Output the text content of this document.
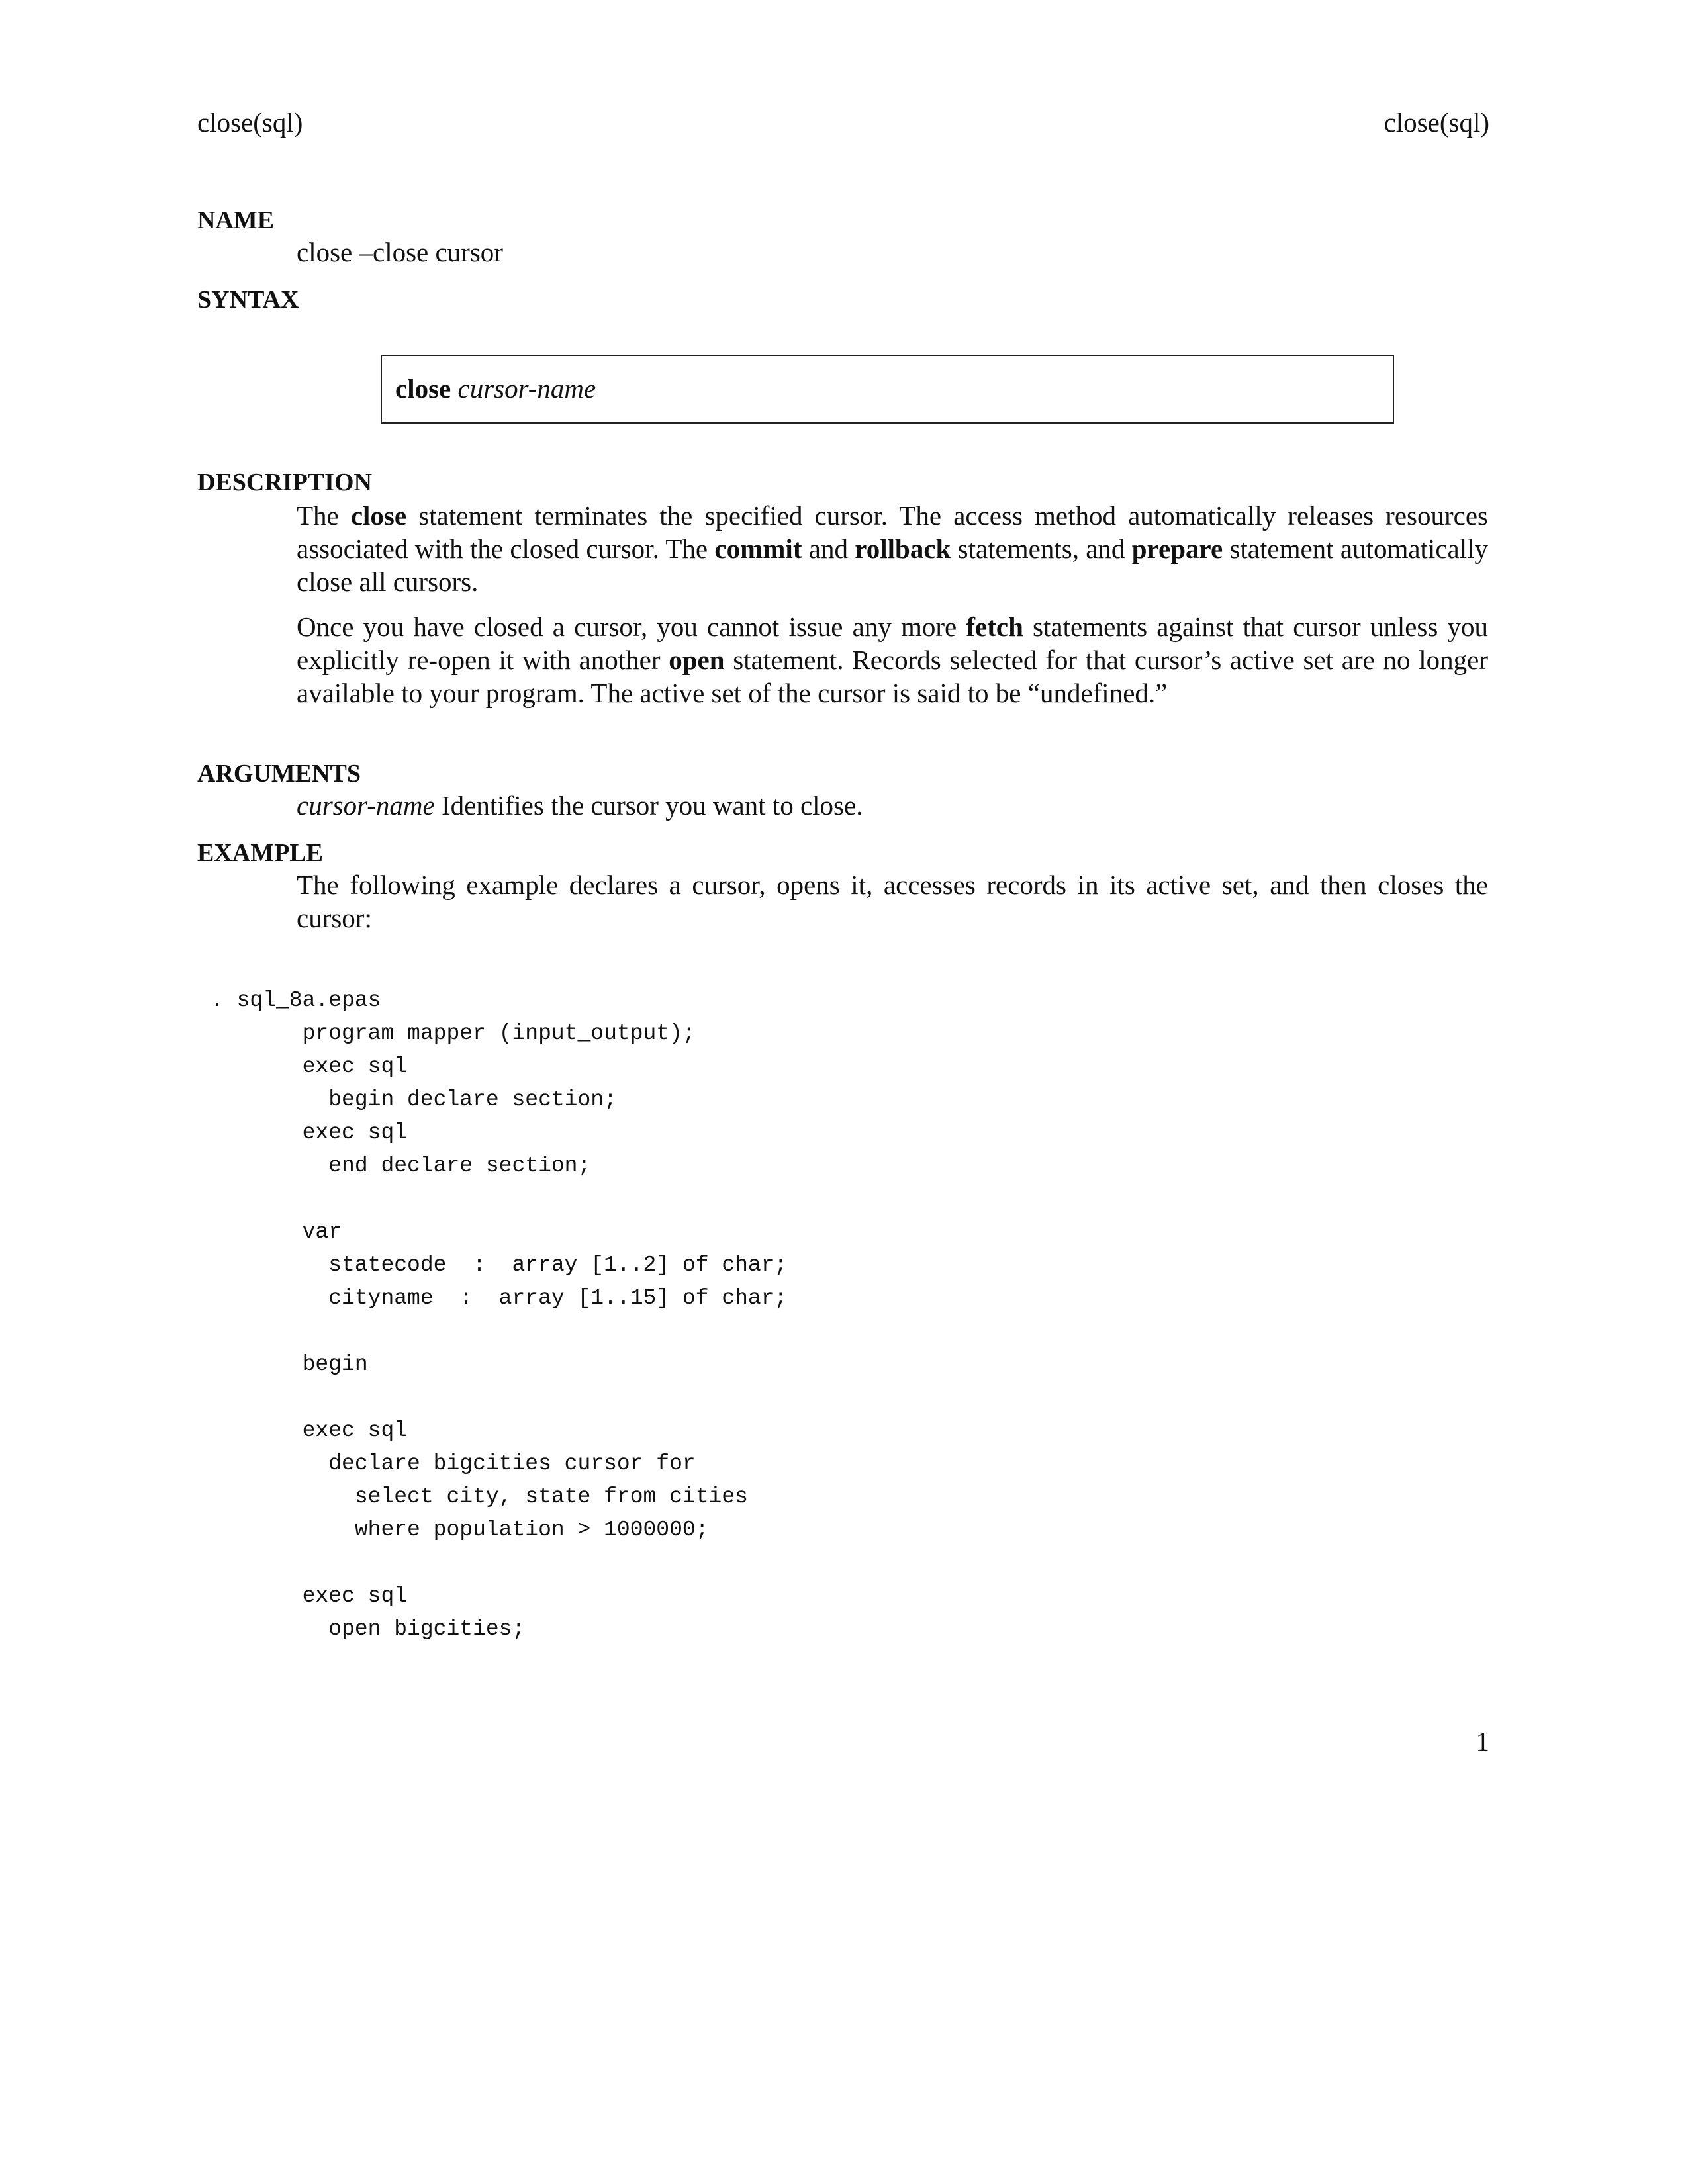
close(sql)	close(sql)
NAME
close –close cursor
SYNTAX
close cursor-name
DESCRIPTION
The close statement terminates the specified cursor. The access method automatically releases resources associated with the closed cursor. The commit and rollback statements, and prepare statement automatically close all cursors.
Once you have closed a cursor, you cannot issue any more fetch statements against that cursor unless you explicitly re-open it with another open statement. Records selected for that cursor’s active set are no longer available to your program. The active set of the cursor is said to be “undefined.”
ARGUMENTS
cursor-name Identifies the cursor you want to close.
EXAMPLE
The following example declares a cursor, opens it, accesses records in its active set, and then closes the cursor:
. sql_8a.epas
program mapper (input_output);
exec sql
begin declare section;
exec sql
end declare section;

var
statecode  :  array [1..2] of char;
cityname  :  array [1..15] of char;

begin

exec sql
declare bigcities cursor for
select city, state from cities
where population > 1000000;

exec sql
open bigcities;
1
